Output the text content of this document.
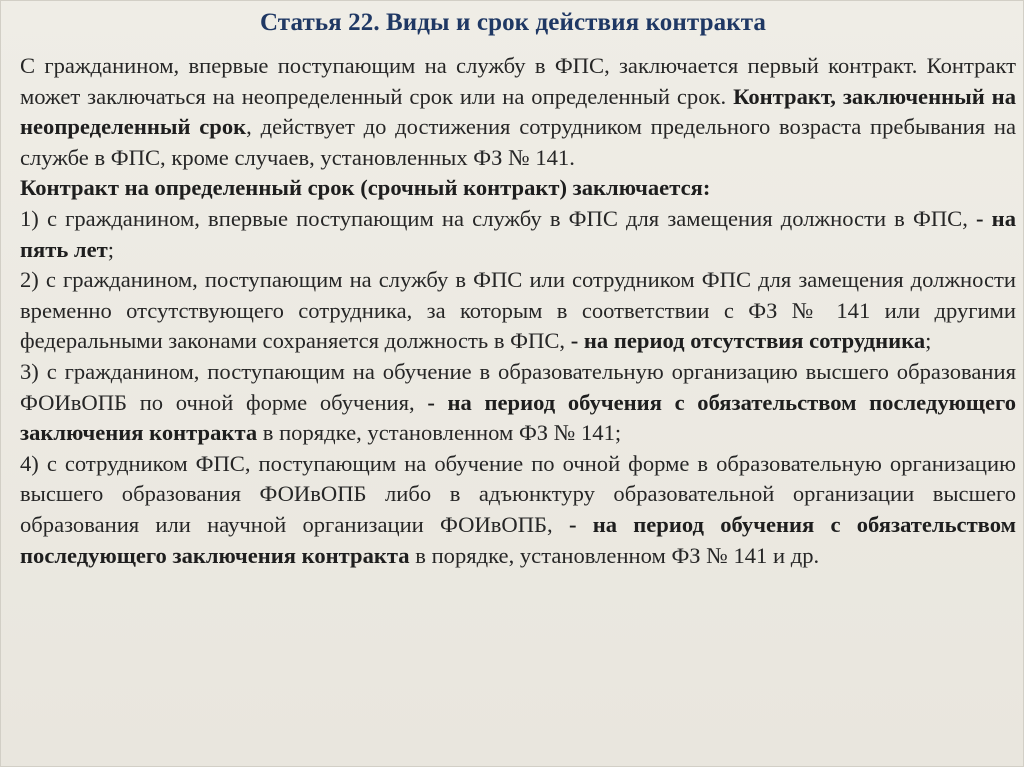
Статья 22. Виды и срок действия контракта

С гражданином, впервые поступающим на службу в ФПС, заключается первый контракт. Контракт может заключаться на неопределенный срок или на определенный срок. Контракт, заключенный на неопределенный срок, действует до достижения сотрудником предельного возраста пребывания на службе в ФПС, кроме случаев, установленных ФЗ № 141.

Контракт на определенный срок (срочный контракт) заключается:

1) с гражданином, впервые поступающим на службу в ФПС для замещения должности в ФПС, - на пять лет;

2) с гражданином, поступающим на службу в ФПС или сотрудником ФПС для замещения должности временно отсутствующего сотрудника, за которым в соответствии с ФЗ № 141 или другими федеральными законами сохраняется должность в ФПС, - на период отсутствия сотрудника;

3) с гражданином, поступающим на обучение в образовательную организацию высшего образования ФОИвОПБ по очной форме обучения, - на период обучения с обязательством последующего заключения контракта в порядке, установленном ФЗ № 141;

4) с сотрудником ФПС, поступающим на обучение по очной форме в образовательную организацию высшего образования ФОИвОПБ либо в адъюнктуру образовательной организации высшего образования или научной организации ФОИвОПБ, - на период обучения с обязательством последующего заключения контракта в порядке, установленном ФЗ № 141 и др.
